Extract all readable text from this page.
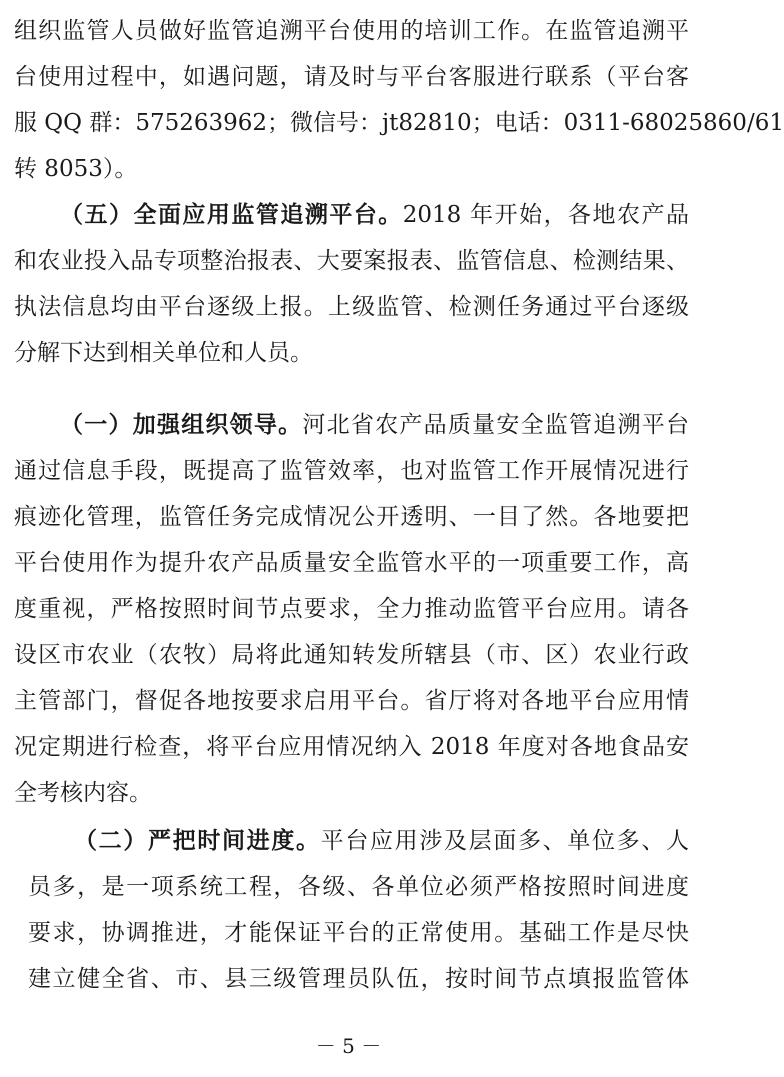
组织监管人员做好监管追溯平台使用的培训工作。在监管追溯平
台使用过程中，如遇问题，请及时与平台客服进行联系（平台客
服 QQ 群：575263962；微信号：jt82810；电话：0311-68025860/61
转 8053）。
（五）全面应用监管追溯平台。2018 年开始，各地农产品
和农业投入品专项整治报表、大要案报表、监管信息、检测结果、
执法信息均由平台逐级上报。上级监管、检测任务通过平台逐级
分解下达到相关单位和人员。
（一）加强组织领导。河北省农产品质量安全监管追溯平台
通过信息手段，既提高了监管效率，也对监管工作开展情况进行
痕迹化管理，监管任务完成情况公开透明、一目了然。各地要把
平台使用作为提升农产品质量安全监管水平的一项重要工作，高
度重视，严格按照时间节点要求，全力推动监管平台应用。请各
设区市农业（农牧）局将此通知转发所辖县（市、区）农业行政
主管部门，督促各地按要求启用平台。省厅将对各地平台应用情
况定期进行检查，将平台应用情况纳入 2018 年度对各地食品安
全考核内容。
（二）严把时间进度。平台应用涉及层面多、单位多、人
员多，是一项系统工程，各级、各单位必须严格按照时间进度
要求，协调推进，才能保证平台的正常使用。基础工作是尽快
建立健全省、市、县三级管理员队伍，按时间节点填报监管体
－ 5 －
